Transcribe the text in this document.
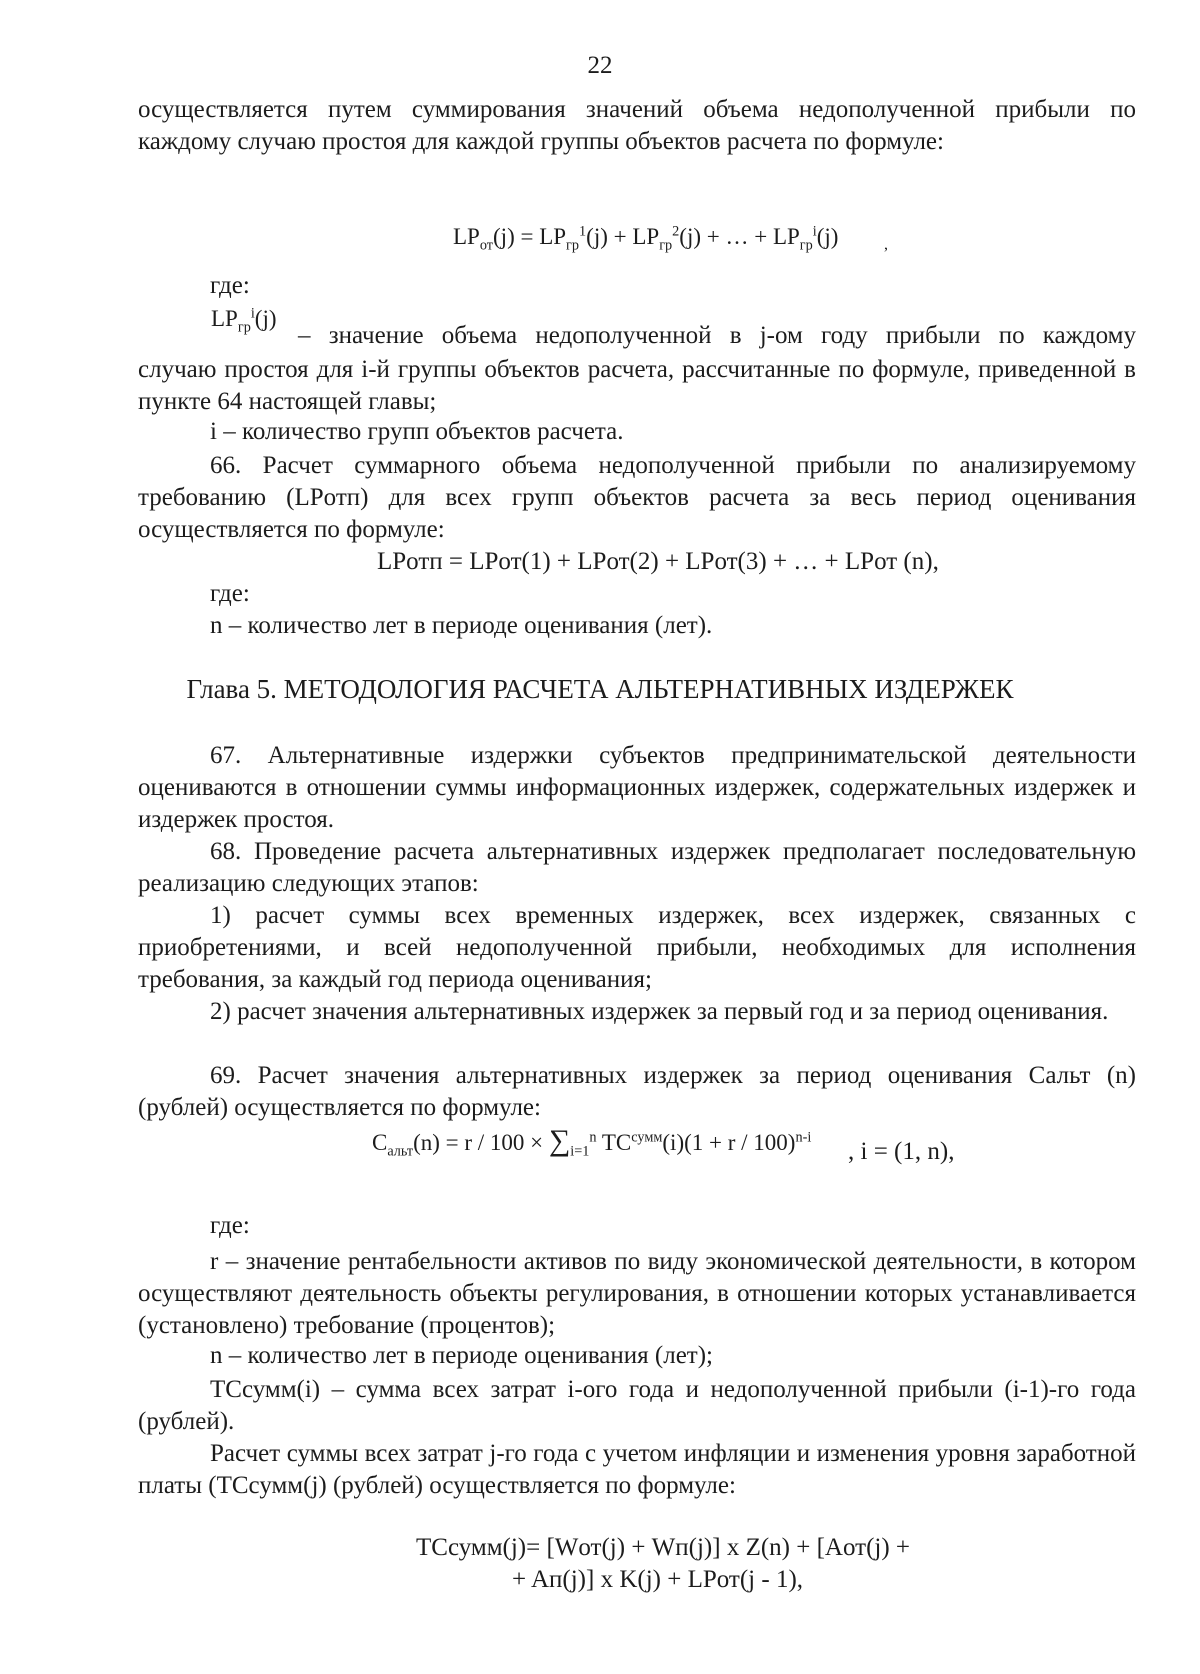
22
осуществляется путем суммирования значений объема недополученной прибыли по каждому случаю простоя для каждой группы объектов расчета по формуле:
$LP_{от}(j) = LP_{гр}^1(j) + LP_{гр}^2(j)$ + … + $LP_{гр}^i(j)$	,
где:
$LP_{гр}^i(j)$
– значение объема недополученной в j-ом году прибыли по каждому
случаю простоя для i-й группы объектов расчета, рассчитанные по формуле, приведенной в пункте 64 настоящей главы;
i – количество групп объектов расчета.
66. Расчет суммарного объема недополученной прибыли по анализируемому требованию (LPотп) для всех групп объектов расчета за весь период оценивания осуществляется по формуле:
LPотп = LPот(1) + LPот(2) + LPот(3) + … + LPот (n),
где:
n – количество лет в периоде оценивания (лет).
Глава 5. МЕТОДОЛОГИЯ РАСЧЕТА АЛЬТЕРНАТИВНЫХ ИЗДЕРЖЕК
67. Альтернативные издержки субъектов предпринимательской деятельности оцениваются в отношении суммы информационных издержек, содержательных издержек и издержек простоя.
68. Проведение расчета альтернативных издержек предполагает последовательную реализацию следующих этапов:
1) расчет суммы всех временных издержек, всех издержек, связанных с приобретениями, и всей недополученной прибыли, необходимых для исполнения требования, за каждый год периода оценивания;
2) расчет значения альтернативных издержек за первый год и за период оценивания.
69. Расчет значения альтернативных издержек за период оценивания Cальт (n) (рублей) осуществляется по формуле:
$C_{альт}(n) = r / 100 \times \sum_{i=1}^n$ $TC^{сумм}(i)(1 + r / 100)^{n-i}$
, i = (1, n),
где:
r – значение рентабельности активов по виду экономической деятельности, в котором осуществляют деятельность объекты регулирования, в отношении которых устанавливается (установлено) требование (процентов);
n – количество лет в периоде оценивания (лет);
TCсумм(i) – сумма всех затрат i-ого года и недополученной прибыли (i-1)-го года (рублей).
Расчет суммы всех затрат j-го года с учетом инфляции и изменения уровня заработной платы (TCсумм(j) (рублей) осуществляется по формуле:
TCсумм(j)= [Wот(j) + Wп(j)] x Z(n) + [Aот(j) +
+ Aп(j)] x K(j) + LPот(j - 1),
